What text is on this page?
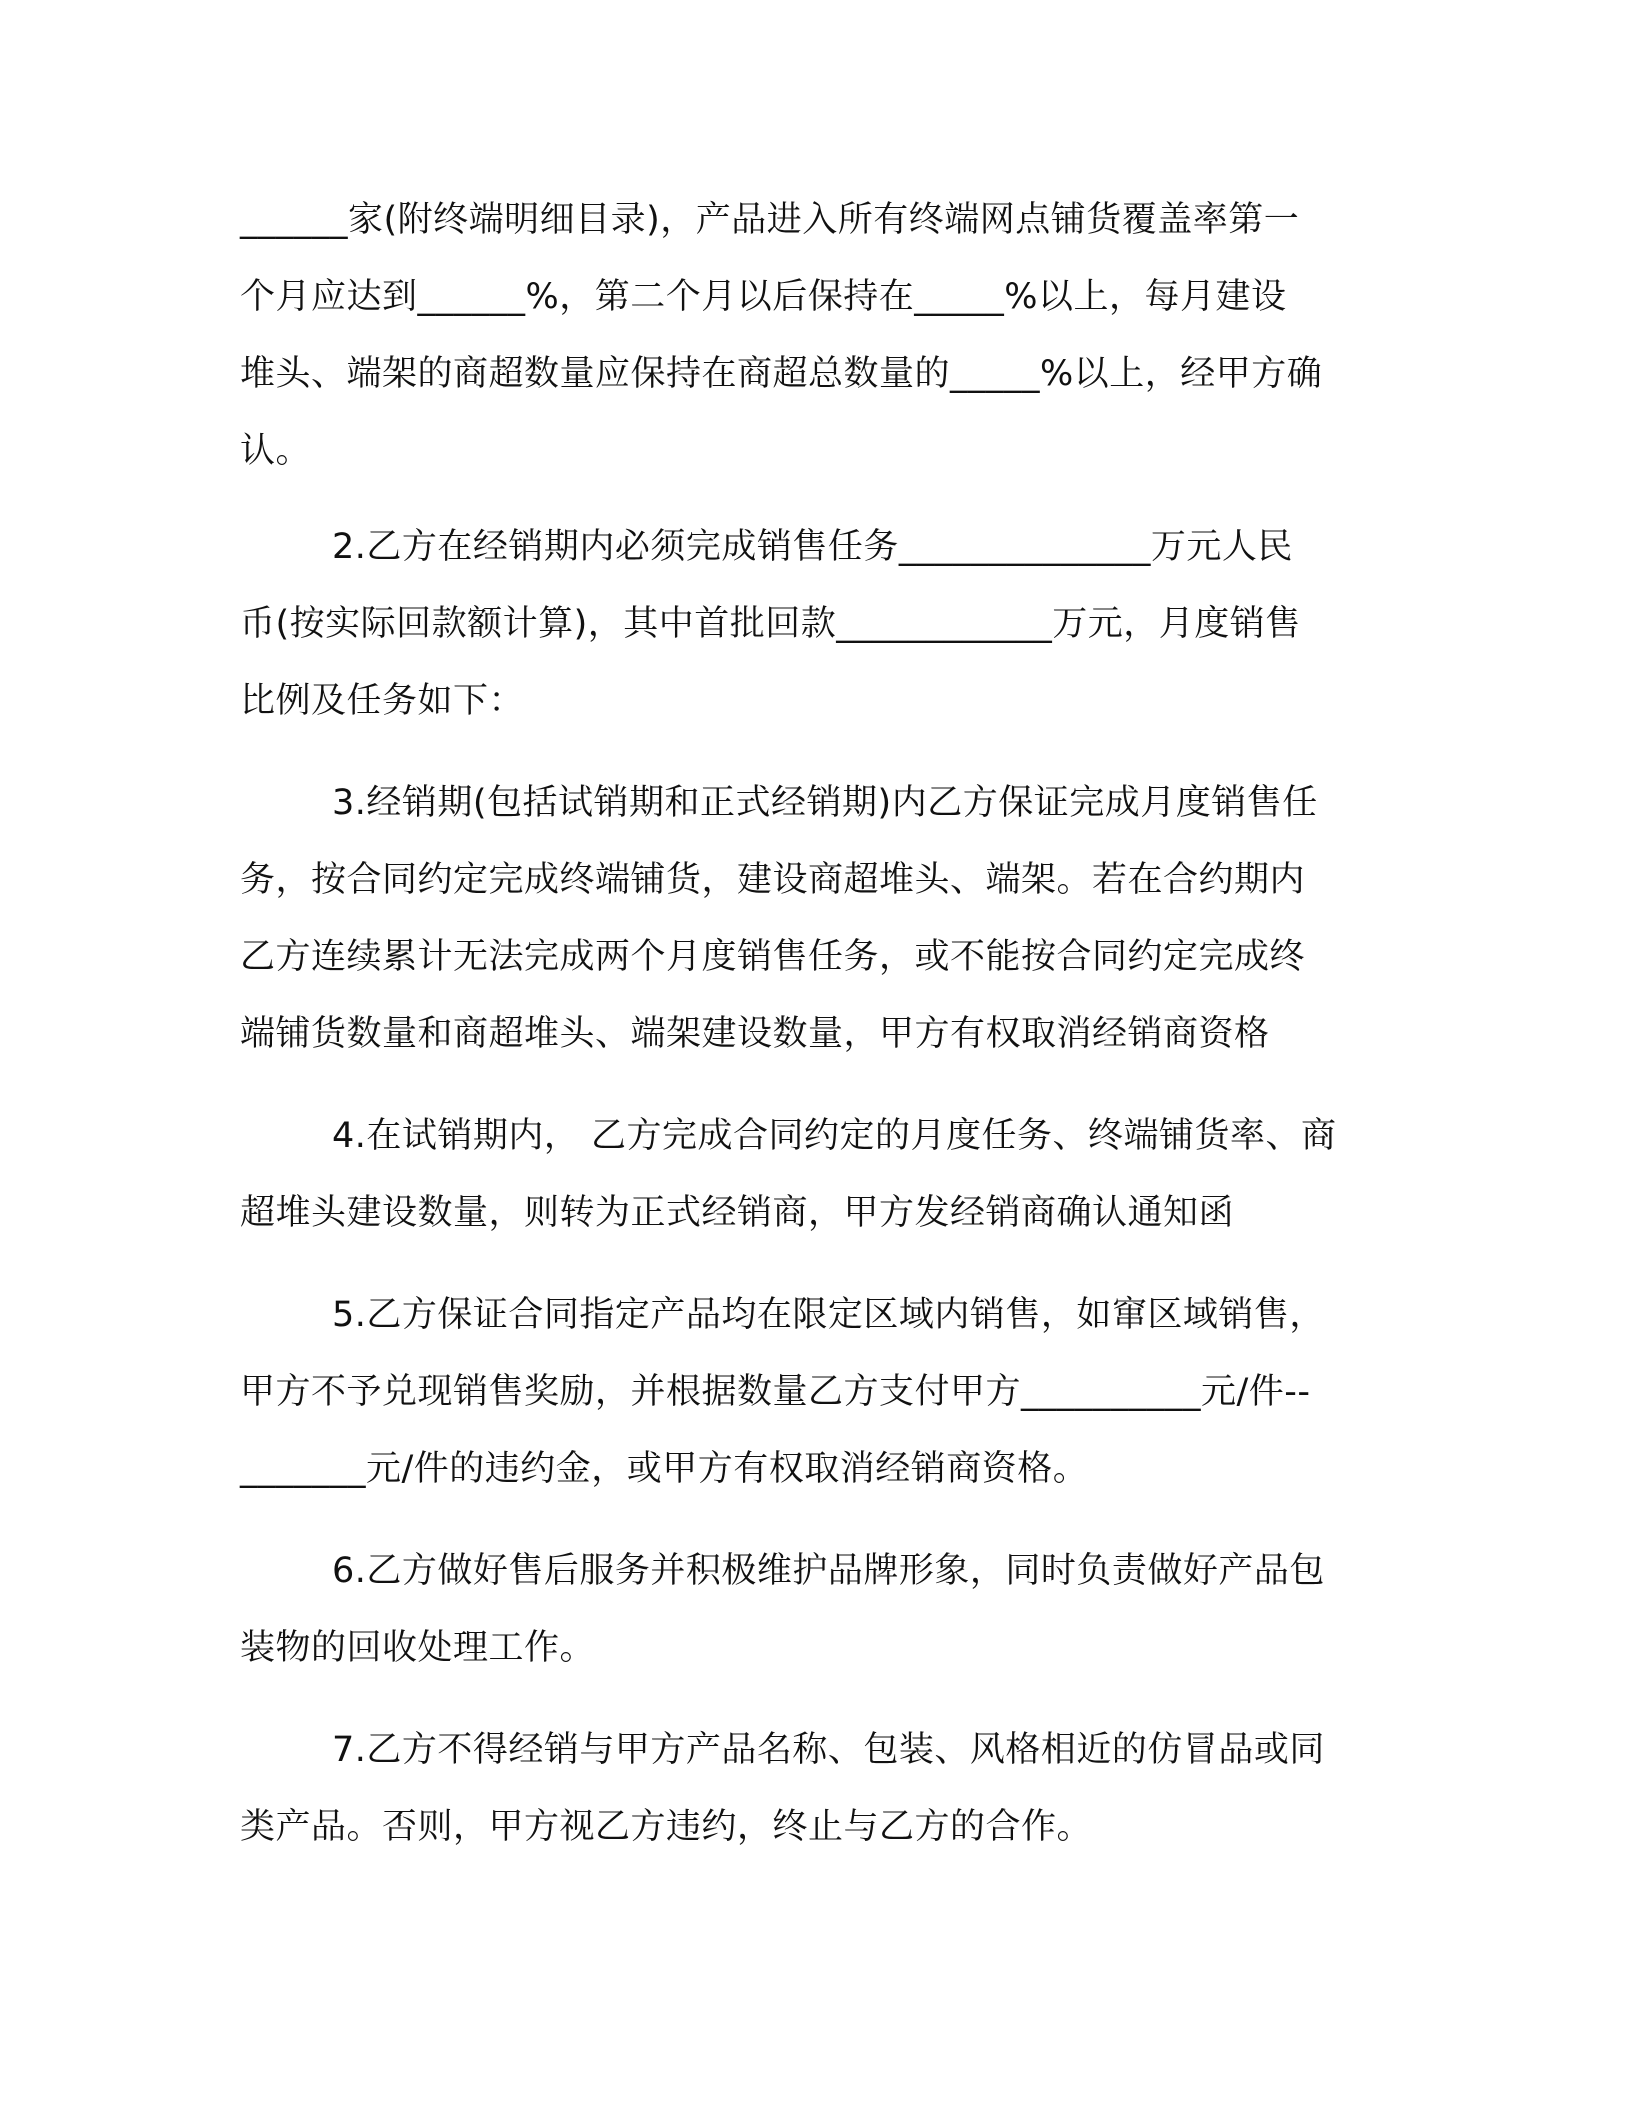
______家(附终端明细目录)，产品进入所有终端网点铺货覆盖率第一
个月应达到______%，第二个月以后保持在_____%以上，每月建设
堆头、端架的商超数量应保持在商超总数量的_____%以上，经甲方确
认。
2.乙方在经销期内必须完成销售任务______________万元人民
币(按实际回款额计算)，其中首批回款____________万元，月度销售
比例及任务如下：
3.经销期(包括试销期和正式经销期)内乙方保证完成月度销售任
务，按合同约定完成终端铺货，建设商超堆头、端架。若在合约期内
乙方连续累计无法完成两个月度销售任务，或不能按合同约定完成终
端铺货数量和商超堆头、端架建设数量，甲方有权取消经销商资格
4.在试销期内， 乙方完成合同约定的月度任务、终端铺货率、商
超堆头建设数量，则转为正式经销商，甲方发经销商确认通知函
5.乙方保证合同指定产品均在限定区域内销售，如窜区域销售，
甲方不予兑现销售奖励，并根据数量乙方支付甲方__________元/件--
_______元/件的违约金，或甲方有权取消经销商资格。
6.乙方做好售后服务并积极维护品牌形象，同时负责做好产品包
装物的回收处理工作。
7.乙方不得经销与甲方产品名称、包装、风格相近的仿冒品或同
类产品。否则，甲方视乙方违约，终止与乙方的合作。
